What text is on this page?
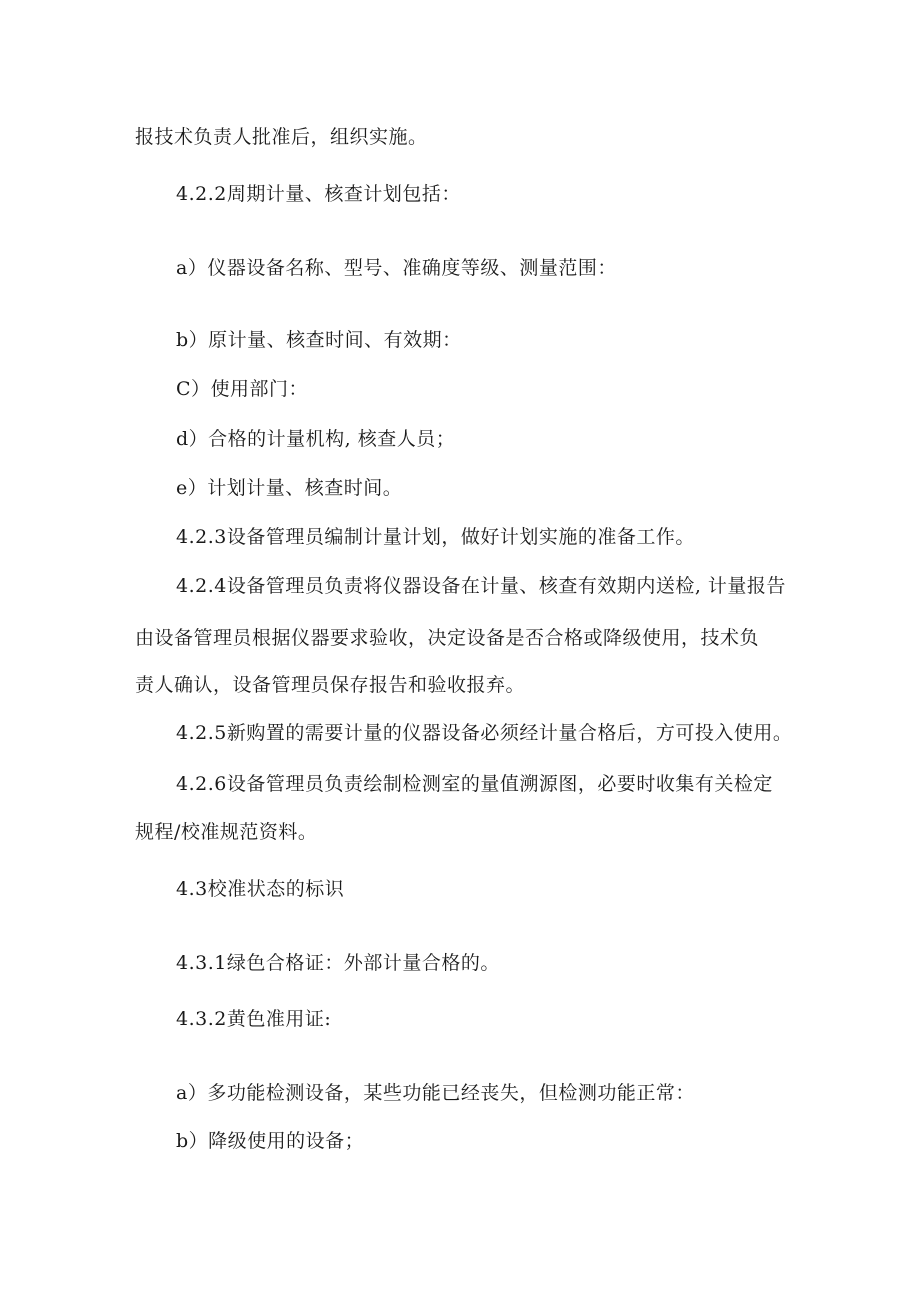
报技术负责人批准后，组织实施。
4.2.2周期计量、核查计划包括：
a）仪器设备名称、型号、准确度等级、测量范围：
b）原计量、核查时间、有效期：
C）使用部门：
d）合格的计量机构, 核查人员；
e）计划计量、核查时间。
4.2.3设备管理员编制计量计划，做好计划实施的准备工作。
4.2.4设备管理员负责将仪器设备在计量、核查有效期内送检, 计量报告
由设备管理员根据仪器要求验收，决定设备是否合格或降级使用，技术负
责人确认，设备管理员保存报告和验收报弃。
4.2.5新购置的需要计量的仪器设备必须经计量合格后，方可投入使用。
4.2.6设备管理员负责绘制检测室的量值溯源图，必要时收集有关检定
规程/校准规范资料。
4.3校准状态的标识
4.3.1绿色合格证：外部计量合格的。
4.3.2黄色准用证:
a）多功能检测设备，某些功能已经丧失，但检测功能正常：
b）降级使用的设备；
